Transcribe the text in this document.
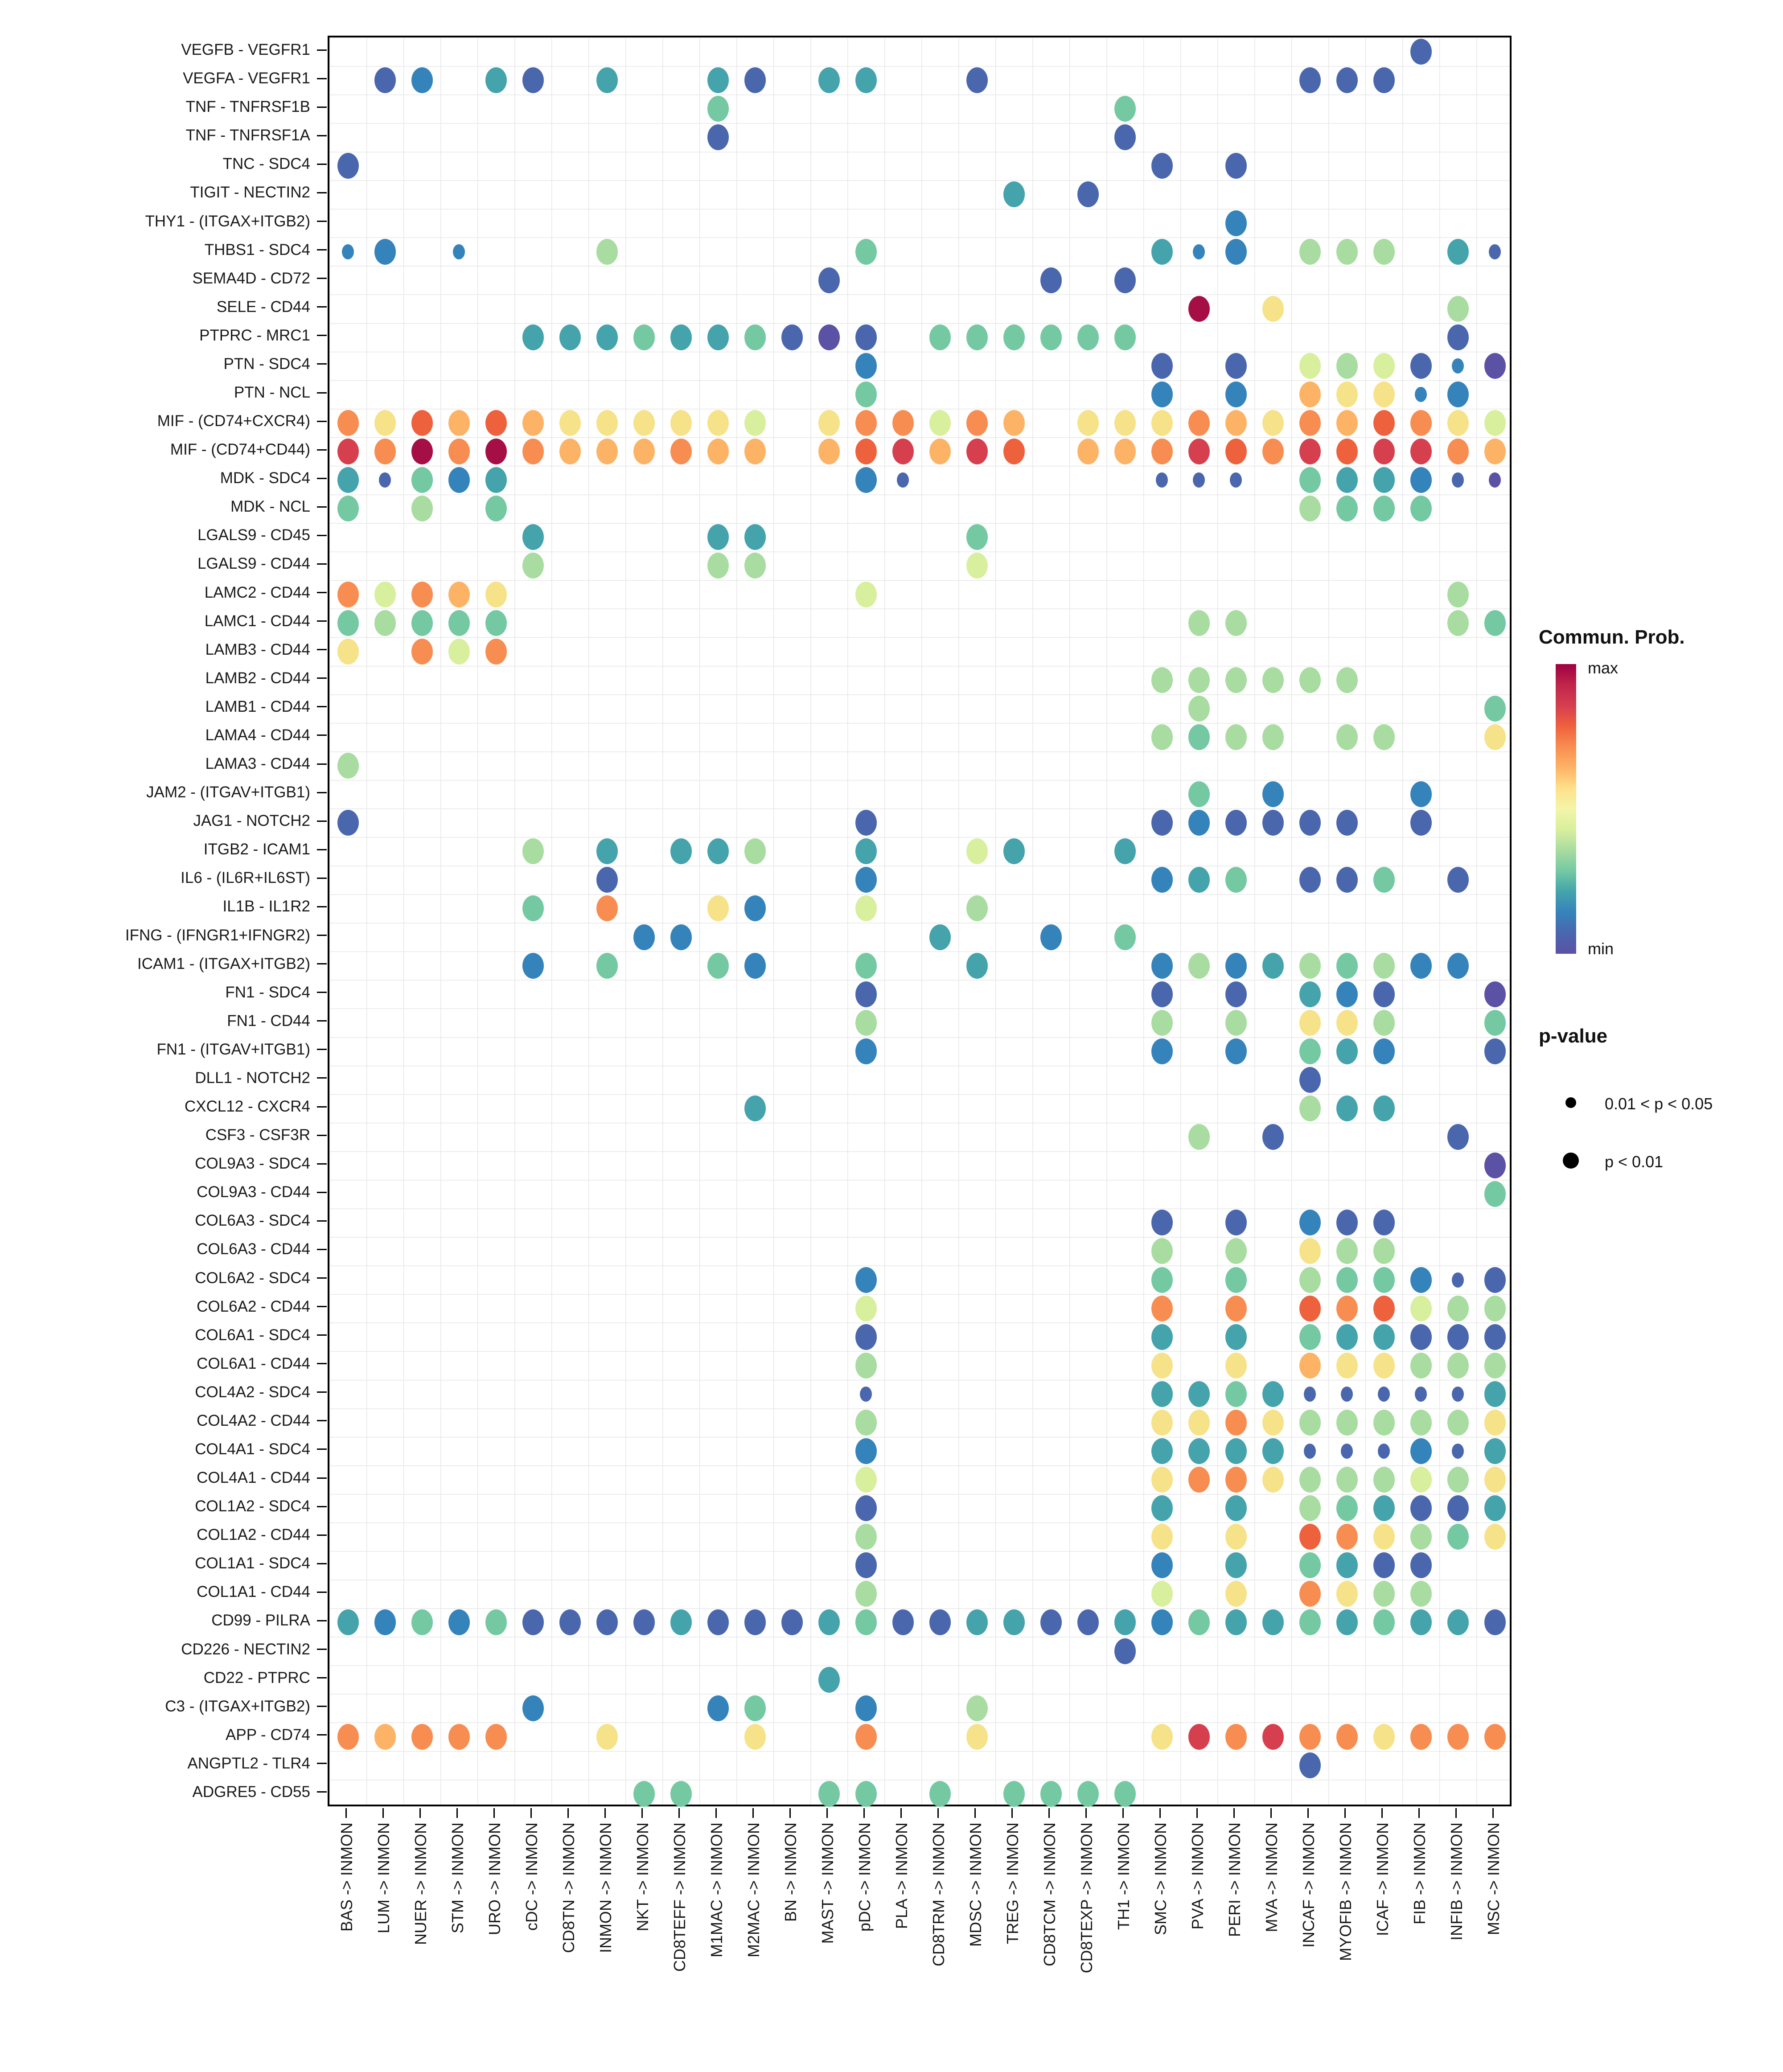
VEGFB - VEGFR1
VEGFA - VEGFR1
TNF - TNFRSF1B
TNF - TNFRSF1A
TNC - SDC4
TIGIT - NECTIN2
THY1 - (ITGAX+ITGB2)
THBS1 - SDC4
SEMA4D - CD72
SELE - CD44
PTPRC - MRC1
PTN - SDC4
PTN - NCL
MIF - (CD74+CXCR4)
MIF - (CD74+CD44)
MDK - SDC4
MDK - NCL
LGALS9 - CD45
LGALS9 - CD44
LAMC2 - CD44
LAMC1 - CD44
LAMB3 - CD44
LAMB2 - CD44
LAMB1 - CD44
LAMA4 - CD44
LAMA3 - CD44
JAM2 - (ITGAV+ITGB1)
JAG1 - NOTCH2
ITGB2 - ICAM1
IL6 - (IL6R+IL6ST)
IL1B - IL1R2
IFNG - (IFNGR1+IFNGR2)
ICAM1 - (ITGAX+ITGB2)
FN1 - SDC4
FN1 - CD44
FN1 - (ITGAV+ITGB1)
DLL1 - NOTCH2
CXCL12 - CXCR4
CSF3 - CSF3R
COL9A3 - SDC4
COL9A3 - CD44
COL6A3 - SDC4
COL6A3 - CD44
COL6A2 - SDC4
COL6A2 - CD44
COL6A1 - SDC4
COL6A1 - CD44
COL4A2 - SDC4
COL4A2 - CD44
COL4A1 - SDC4
COL4A1 - CD44
COL1A2 - SDC4
COL1A2 - CD44
COL1A1 - SDC4
COL1A1 - CD44
CD99 - PILRA
CD226 - NECTIN2
CD22 - PTPRC
C3 - (ITGAX+ITGB2)
APP - CD74
ANGPTL2 - TLR4
ADGRE5 - CD55
BAS -> INMON LUM -> INMON NUER -> INMON STM -> INMON URO -> INMON cDC -> INMON CD8TN -> INMON INMON -> INMON NKT -> INMON CD8TEFF -> INMON M1MAC -> INMON M2MAC -> INMON BN -> INMON MAST -> INMON pDC -> INMON PLA -> INMON CD8TRM -> INMON MDSC -> INMON TREG -> INMON CD8TCM -> INMON CD8TEXP -> INMON TH1 -> INMON SMC -> INMON PVA -> INMON PERI -> INMON MVA -> INMON INCAF -> INMON MYOFIB -> INMON ICAF -> INMON FIB -> INMON INFIB -> INMON MSC -> INMON
Commun. Prob.
max
min
p-value
0.01 < p < 0.05
p < 0.01
